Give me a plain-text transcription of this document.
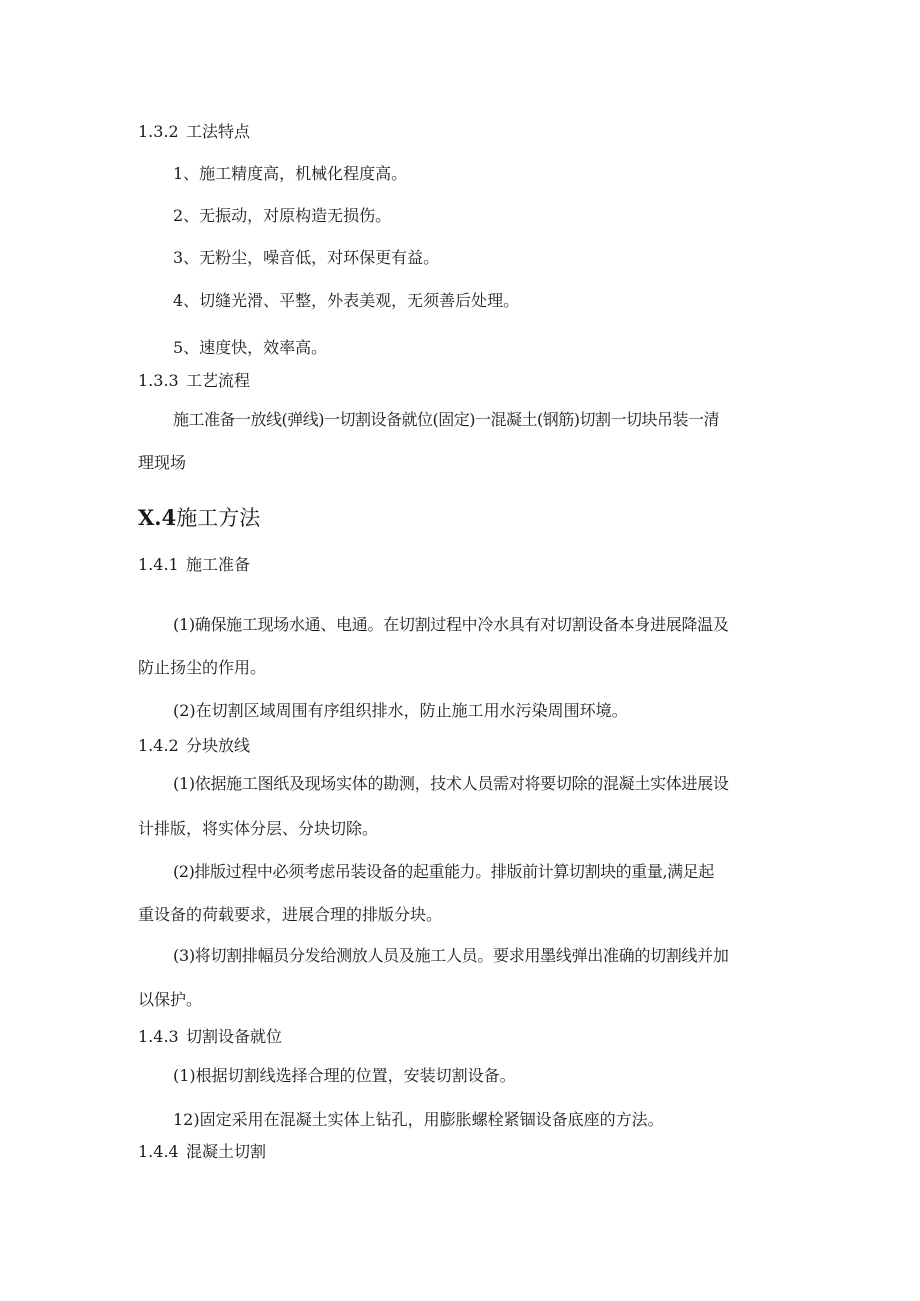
1.3.2 工法特点
1、施工精度高，机械化程度高。
2、无振动，对原构造无损伤。
3、无粉尘，噪音低，对环保更有益。
4、切缝光滑、平整，外表美观，无须善后处理。
5、速度快，效率高。
1.3.3 工艺流程
施工准备一放线(弹线)一切割设备就位(固定)一混凝土(钢筋)切割一切块吊装一清
理现场
X.4施工方法
1.4.1 施工准备
(1)确保施工现场水通、电通。在切割过程中冷水具有对切割设备本身进展降温及
防止扬尘的作用。
(2)在切割区域周围有序组织排水，防止施工用水污染周围环境。
1.4.2 分块放线
(1)依据施工图纸及现场实体的勘测，技术人员需对将要切除的混凝土实体进展设
计排版，将实体分层、分块切除。
(2)排版过程中必须考虑吊装设备的起重能力。排版前计算切割块的重量,满足起
重设备的荷载要求，进展合理的排版分块。
(3)将切割排幅员分发给测放人员及施工人员。要求用墨线弹出准确的切割线并加
以保护。
1.4.3 切割设备就位
(1)根据切割线选择合理的位置，安装切割设备。
12)固定采用在混凝土实体上钻孔，用膨胀螺栓紧锢设备底座的方法。
1.4.4 混凝土切割
